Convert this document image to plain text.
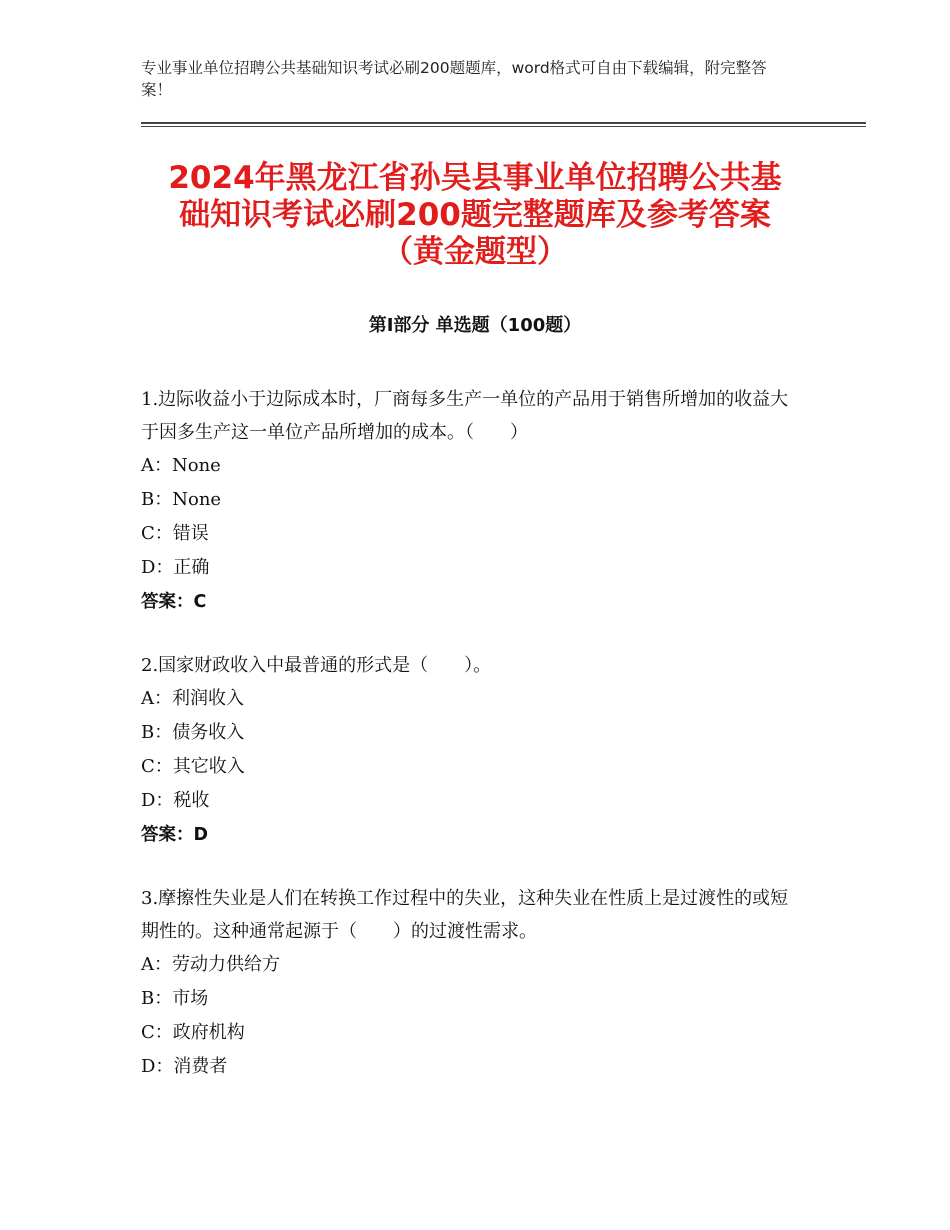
专业事业单位招聘公共基础知识考试必刷200题题库，word格式可自由下载编辑，附完整答案！
2024年黑龙江省孙吴县事业单位招聘公共基
础知识考试必刷200题完整题库及参考答案
（黄金题型）
第Ⅰ部分 单选题（100题）
1.边际收益小于边际成本时，厂商每多生产一单位的产品用于销售所增加的收益大于因多生产这一单位产品所增加的成本。（　　）
A：None
B：None
C：错误
D：正确
答案：C
2.国家财政收入中最普通的形式是（　　）。
A：利润收入
B：债务收入
C：其它收入
D：税收
答案：D
3.摩擦性失业是人们在转换工作过程中的失业，这种失业在性质上是过渡性的或短期性的。这种通常起源于（　　）的过渡性需求。
A：劳动力供给方
B：市场
C：政府机构
D：消费者
